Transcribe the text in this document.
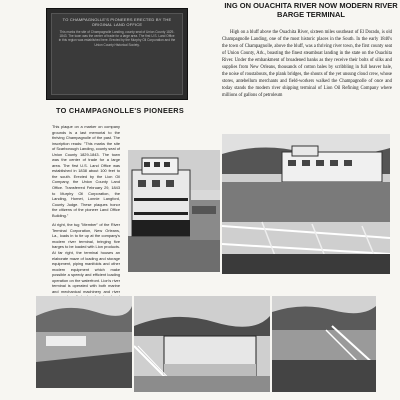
TO CHAMPAGNOLLE'S PIONEERS ERECTED BY THE ORIGINAL LAND OFFICE
This marks the site of Champagnolle Landing, county seat of Union County 1829-1843. The town was the center of trade for a large area. The first U.S. Land Office in this region was established here. Erected by the Murphy Oil Corporation and the Union County Historical Society.
TO CHAMPAGNOLLE'S PIONEERS
ING ON OUACHITA RIVER NOW MODERN RIVER BARGE TERMINAL
High on a bluff above the Ouachita River, sixteen miles southeast of El Dorado, is old Champagnolle Landing, one of the most historic places in the South. In the early 1840's the town of Champagnolle, above the bluff, was a thriving river town, the first county seat of Union County, Ark., boasting the finest steamboat landing in the state on the Ouachita River. Under the embankment of broadened banks as they receive their bolts of silks and supplies from New Orleans, thousands of cotton bales by scribbling in full heaver bale, the noise of roustabouts, the plank bridges, the shouts of the yet unsung cloud crew, whose stores, antebellum merchants and field-workers walked the Champagnolle of once and today stands the modern river shipping terminal of Lion Oil Refining Company where millions of gallons of petroleum

This plaque on a marker on company grounds is a last memorial to the thriving Champagnolle of the past. The inscription reads: "This marks the site of Scarborough Landing, county seat of Union County 1829-1843. The town was the center of trade for a large area. The first U.S. Land Office was established in 1838 about 100 feet to the south. Erected by the Lion Oil Company, the Union County Land Office. Transferred February 29, 1843 to Murphy Oil Corporation, the Landing, Hornet, Lonnie Langford, County Judge. These plaques honor the citizens of the pioneer Land Office Building."

At right, the tug "Member" of the River Terminal Corporation, New Orleans, La., loads in to tie up at the company's modern river terminal, bringing five barges to be loaded with Lion products. At far right, the terminal houses an elaborate maze of loading and storage equipment, piping manifolds and other modern equipment which make possible a speedy and efficient loading operation on the waterfront. Lion's river terminal is operated with both marine and mechanical machinery and river
